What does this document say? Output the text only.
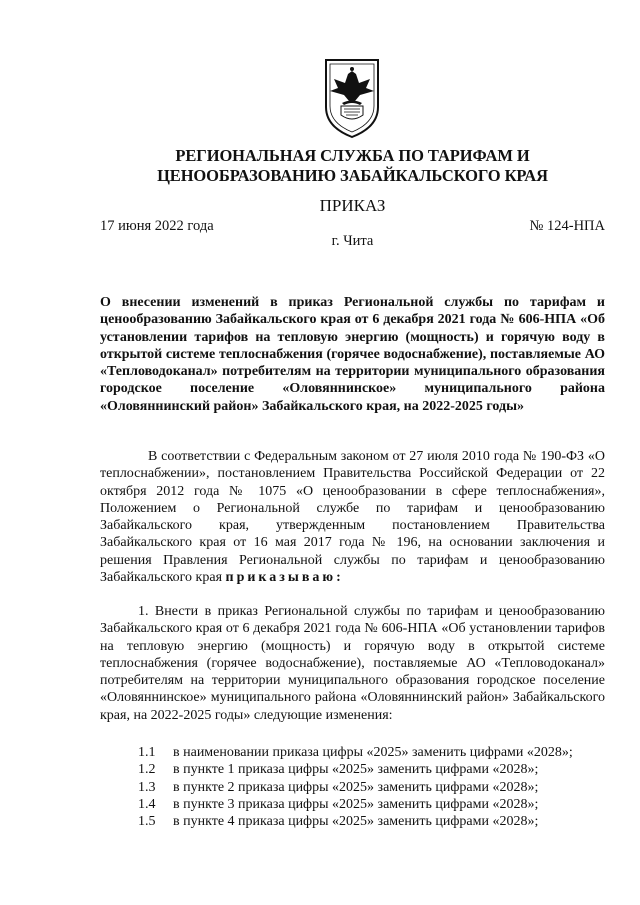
РЕГИОНАЛЬНАЯ СЛУЖБА ПО ТАРИФАМ И
ЦЕНООБРАЗОВАНИЮ ЗАБАЙКАЛЬСКОГО КРАЯ
ПРИКАЗ
17 июня 2022 года	№ 124-НПА
г. Чита
О внесении изменений в приказ Региональной службы по тарифам и ценообразованию Забайкальского края от 6 декабря 2021 года № 606-НПА «Об установлении тарифов на тепловую энергию (мощность) и горячую воду в открытой системе теплоснабжения (горячее водоснабжение), поставляемые АО «Тепловодоканал» потребителям на территории муниципального образования городское поселение «Оловяннинское» муниципального района «Оловяннинский район» Забайкальского края, на 2022-2025 годы»
В соответствии с Федеральным законом от 27 июля 2010 года № 190-ФЗ «О теплоснабжении», постановлением Правительства Российской Федерации от 22 октября 2012 года № 1075 «О ценообразовании в сфере теплоснабжения», Положением о Региональной службе по тарифам и ценообразованию Забайкальского края, утвержденным постановлением Правительства Забайкальского края от 16 мая 2017 года № 196, на основании заключения и решения Правления Региональной службы по тарифам и ценообразованию Забайкальского края приказываю:
1. Внести в приказ Региональной службы по тарифам и ценообразованию Забайкальского края от 6 декабря 2021 года № 606-НПА «Об установлении тарифов на тепловую энергию (мощность) и горячую воду в открытой системе теплоснабжения (горячее водоснабжение), поставляемые АО «Тепловодоканал» потребителям на территории муниципального образования городское поселение «Оловяннинское» муниципального района «Оловяннинский район» Забайкальского края, на 2022-2025 годы» следующие изменения:
1.1	в наименовании приказа цифры «2025» заменить цифрами «2028»;
1.2	в пункте 1 приказа цифры «2025» заменить цифрами «2028»;
1.3	в пункте 2 приказа цифры «2025» заменить цифрами «2028»;
1.4	в пункте 3 приказа цифры «2025» заменить цифрами «2028»;
1.5	в пункте 4 приказа цифры «2025» заменить цифрами «2028»;
